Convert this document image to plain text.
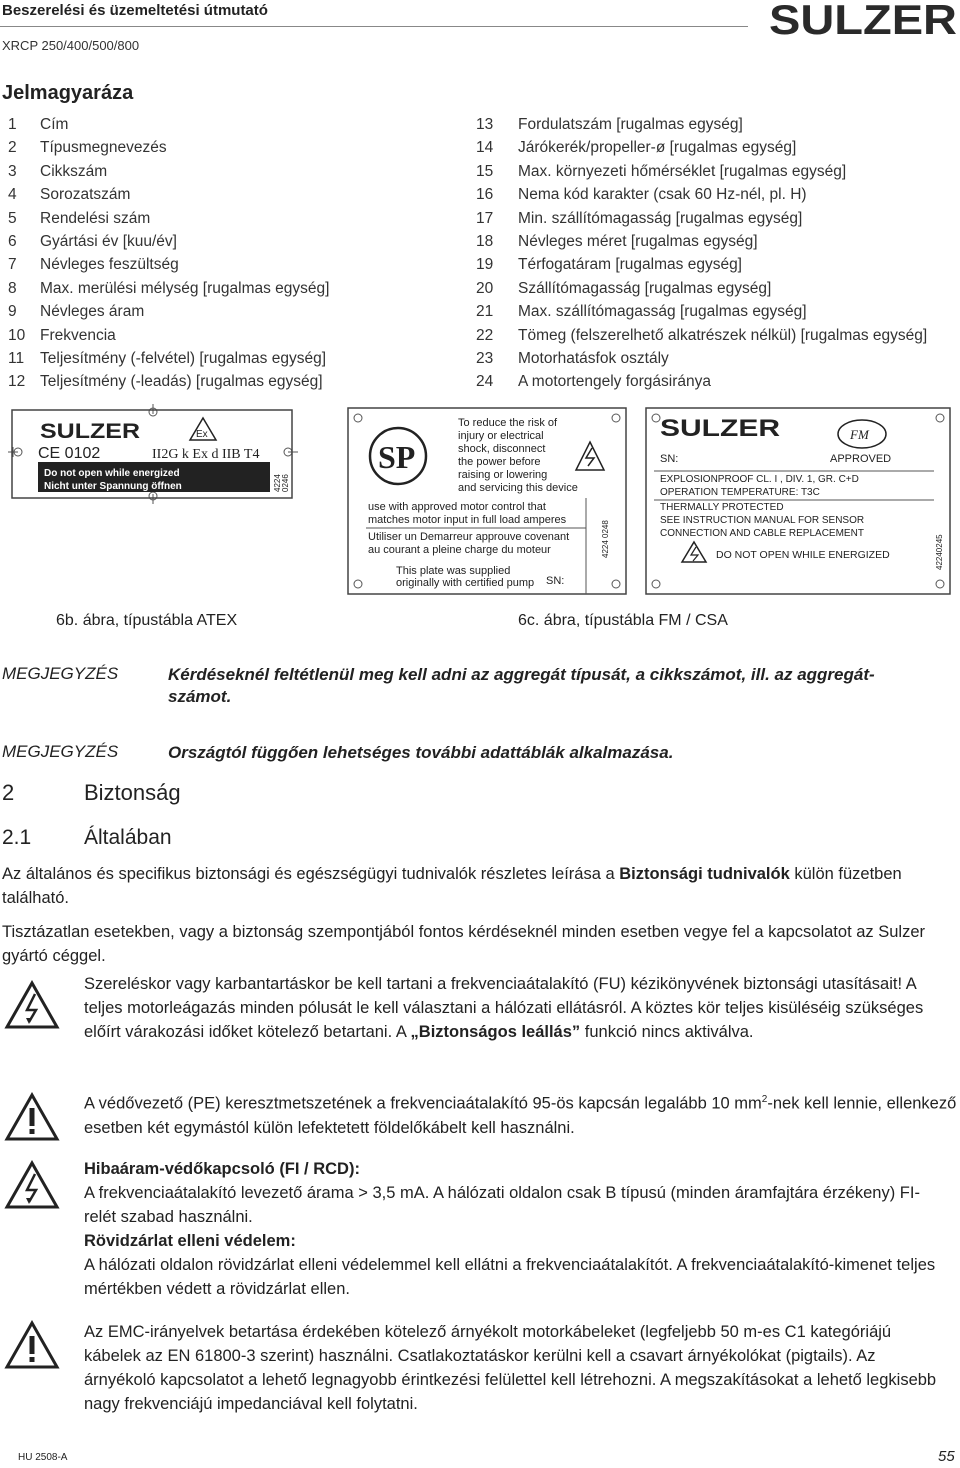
Beszerelési és üzemeltetési útmutató
XRCP 250/400/500/800
SULZER
Jelmagyaráza
1 Cím
2 Típusmegnevezés
3 Cikkszám
4 Sorozatszám
5 Rendelési szám
6 Gyártási év [kuu/év]
7 Névleges feszültség
8 Max. merülési mélység [rugalmas egység]
9 Névleges áram
10 Frekvencia
11 Teljesítmény (-felvétel) [rugalmas egység]
12 Teljesítmény (-leadás) [rugalmas egység]
13 Fordulatszám [rugalmas egység]
14 Járókerék/propeller-ø [rugalmas egység]
15 Max. környezeti hőmérséklet [rugalmas egység]
16 Nema kód karakter (csak 60 Hz-nél, pl. H)
17 Min. szállítómagasság [rugalmas egység]
18 Névleges méret [rugalmas egység]
19 Térfogatáram [rugalmas egység]
20 Szállítómagasság [rugalmas egység]
21 Max. szállítómagasság [rugalmas egység]
22 Tömeg (felszerelhető alkatrészek nélkül) [rugalmas egység]
23 Motorhatásfok osztály
24 A motortengely forgásiránya
SULZER	Ex
CE 0102	II2G k Ex d IIB T4
Do not open while energized
Nicht unter Spannung öffnen	4224 0246
SP
To reduce the risk of
injury or electrical
shock, disconnect
the power before
raising or lowering
and servicing this device
use with approved motor control that
matches motor input in full load amperes
Utiliser un Demarreur approuve covenant
au courant a pleine charge du moteur
This plate was supplied
originally with certified pump SN:
4224 0248
SULZER	FM
APPROVED
SN:
EXPLOSIONPROOF CL. I , DIV. 1, GR. C+D
OPERATION TEMPERATURE: T3C
THERMALLY PROTECTED
SEE INSTRUCTION MANUAL FOR SENSOR
CONNECTION AND CABLE REPLACEMENT
DO NOT OPEN WHILE ENERGIZED	42240245
6b. ábra, típustábla ATEX	6c. ábra, típustábla FM / CSA
MEGJEGYZÉS	Kérdéseknél feltétlenül meg kell adni az aggregát típusát, a cikkszámot, ill. az aggregát-számot.
MEGJEGYZÉS	Országtól függően lehetséges további adattáblák alkalmazása.
2	Biztonság
2.1	Általában
Az általános és specifikus biztonsági és egészségügyi tudnivalók részletes leírása a Biztonsági tudnivalók külön füzetben található.
Tisztázatlan esetekben, vagy a biztonság szempontjából fontos kérdéseknél minden esetben vegye fel a kapcsolatot az Sulzer gyártó céggel.
Szereléskor vagy karbantartáskor be kell tartani a frekvenciaátalakító (FU) kézikönyvének biztonsági utasításait! A teljes motorleágazás minden pólusát le kell választani a hálózati ellátásról. A köztes kör teljes kisüléséig szükséges előírt várakozási időket kötelező betartani. A „Biztonságos leállás” funkció nincs aktiválva.
A védővezető (PE) keresztmetszetének a frekvenciaátalakító 95-ös kapcsán legalább 10 $mm^2$-nek kell lennie, ellenkező esetben két egymástól külön lefektetett földelőkábelt kell használni.
Hibaáram-védőkapcsoló (FI / RCD):
A frekvenciaátalakító levezető árama > 3,5 mA. A hálózati oldalon csak B típusú (minden áramfajtára érzékeny) FI-relét szabad használni.
Rövidzárlat elleni védelem:
A hálózati oldalon rövidzárlat elleni védelemmel kell ellátni a frekvenciaátalakítót. A frekvenciaátalakító-kimenet teljes mértékben védett a rövidzárlat ellen.
Az EMC-irányelvek betartása érdekében kötelező árnyékolt motorkábeleket (legfeljebb 50 m-es C1 kategóriájú kábelek az EN 61800-3 szerint) használni. Csatlakoztatáskor kerülni kell a csavart árnyékolókat (pigtails). Az árnyékoló kapcsolatot a lehető legnagyobb érintkezési felülettel kell létrehozni. A megszakításokat a lehető legkisebb nagy frekvenciájú impedanciával kell folytatni.
HU 2508-A	55
